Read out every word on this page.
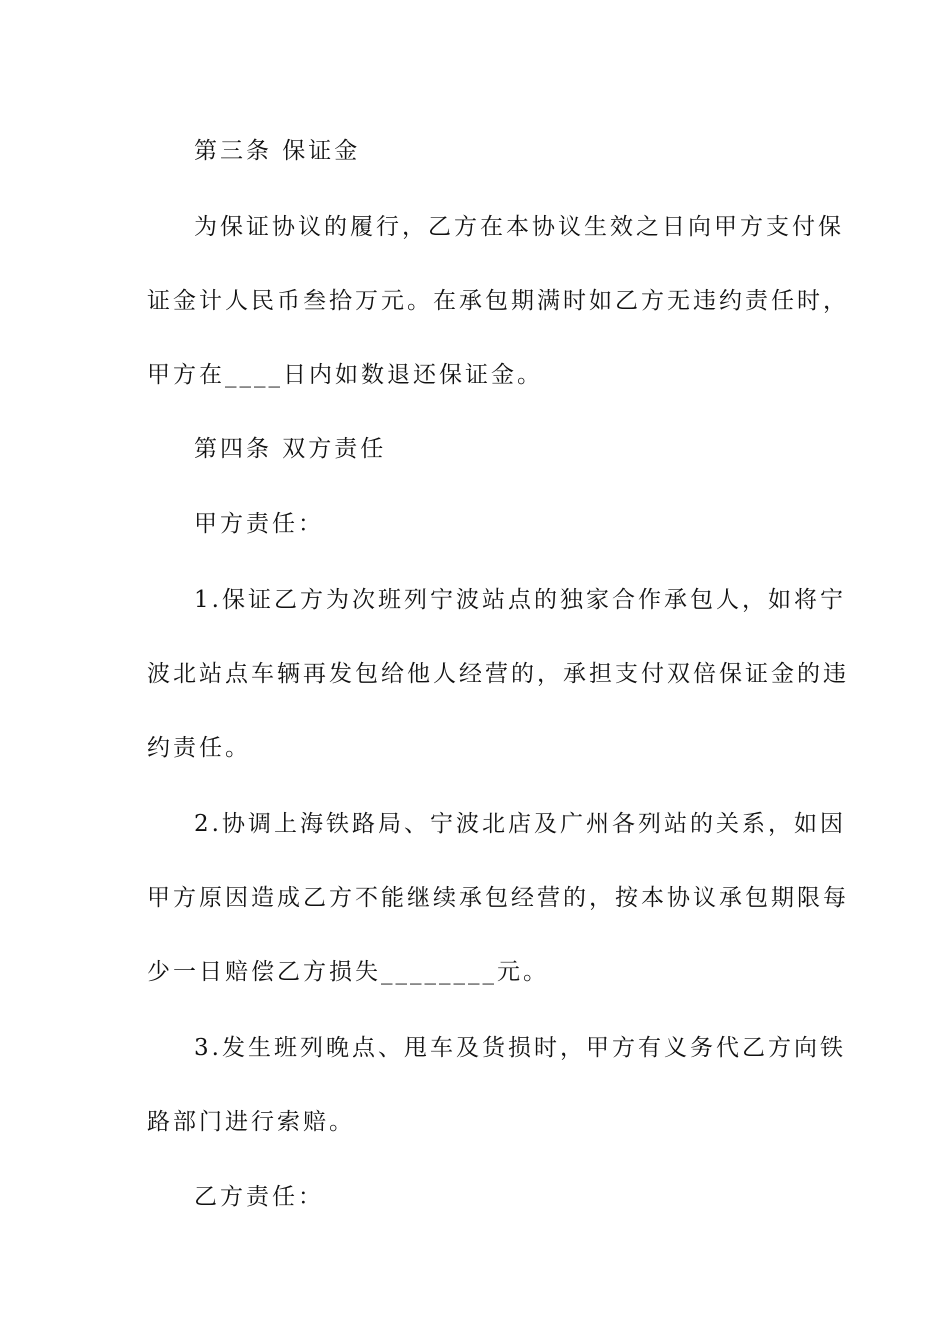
第三条 保证金
为保证协议的履行，乙方在本协议生效之日向甲方支付保
证金计人民币叁拾万元。在承包期满时如乙方无违约责任时，
甲方在____日内如数退还保证金。
第四条 双方责任
甲方责任：
1.保证乙方为次班列宁波站点的独家合作承包人，如将宁
波北站点车辆再发包给他人经营的，承担支付双倍保证金的违
约责任。
2.协调上海铁路局、宁波北店及广州各列站的关系，如因
甲方原因造成乙方不能继续承包经营的，按本协议承包期限每
少一日赔偿乙方损失________元。
3.发生班列晚点、甩车及货损时，甲方有义务代乙方向铁
路部门进行索赔。
乙方责任：
